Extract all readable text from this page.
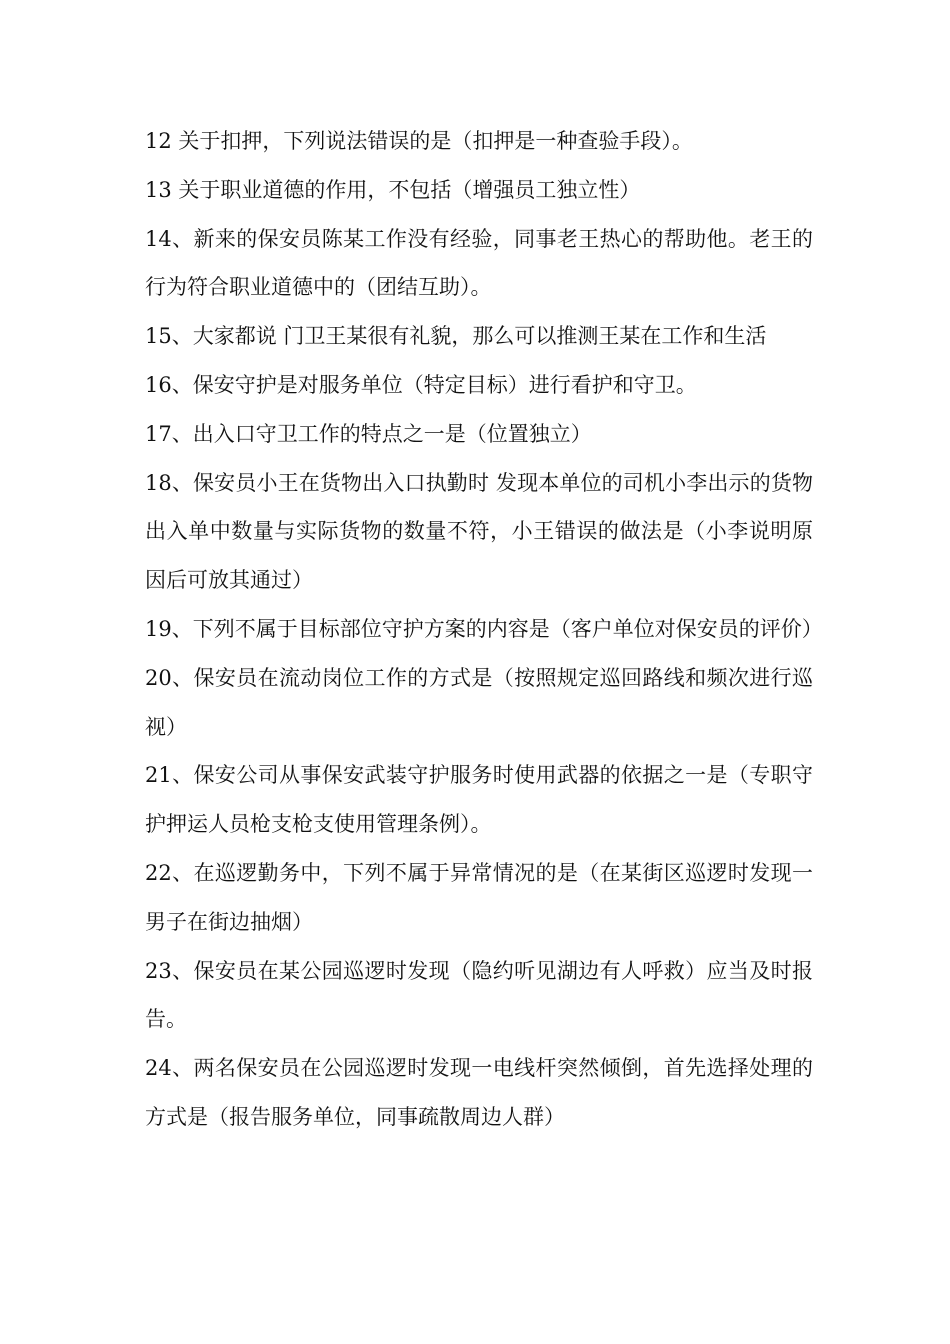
12 关于扣押，下列说法错误的是（扣押是一种查验手段）。

13 关于职业道德的作用，不包括（增强员工独立性）

14、新来的保安员陈某工作没有经验，同事老王热心的帮助他。老王的行为符合职业道德中的（团结互助）。

15、大家都说 门卫王某很有礼貌，那么可以推测王某在工作和生活

16、保安守护是对服务单位（特定目标）进行看护和守卫。

17、出入口守卫工作的特点之一是（位置独立）

18、保安员小王在货物出入口执勤时 发现本单位的司机小李出示的货物出入单中数量与实际货物的数量不符，小王错误的做法是（小李说明原因后可放其通过）

19、下列不属于目标部位守护方案的内容是（客户单位对保安员的评价）

20、保安员在流动岗位工作的方式是（按照规定巡回路线和频次进行巡视）

21、保安公司从事保安武装守护服务时使用武器的依据之一是（专职守护押运人员枪支枪支使用管理条例）。

22、在巡逻勤务中，下列不属于异常情况的是（在某街区巡逻时发现一男子在街边抽烟）

23、保安员在某公园巡逻时发现（隐约听见湖边有人呼救）应当及时报告。

24、两名保安员在公园巡逻时发现一电线杆突然倾倒，首先选择处理的方式是（报告服务单位，同事疏散周边人群）
